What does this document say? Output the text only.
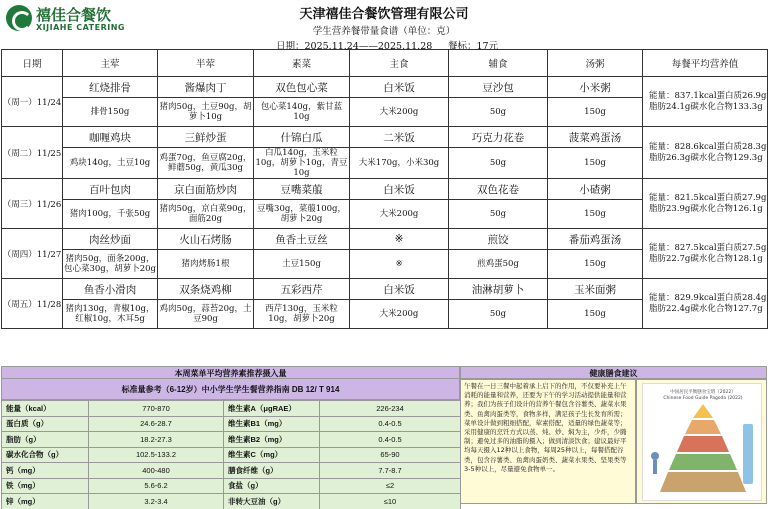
禧佳合餐饮
XIJIAHE CATERING
天津禧佳合餐饮管理有限公司
学生营养餐带量食谱（单位：克）
日期：2025.11.24——2025.11.28 餐标：17元
日期	主荤	半荤	素菜	主食	辅食	汤粥	每餐平均营养值
（周一）11/24	红烧排骨	酱爆肉丁	双色包心菜	白米饭	豆沙包	小米粥	能量：837.1kcal蛋白质26.9g脂肪24.1g碳水化合物133.3g
	排骨150g	猪肉50g，土豆90g，胡萝卜10g	包心菜140g，紫甘蓝10g	大米200g	50g	150g	
（周二）11/25	咖喱鸡块	三鲜炒蛋	什锦白瓜	二米饭	巧克力花卷	菠菜鸡蛋汤	能量：828.6kcal蛋白质28.3g脂肪26.3g碳水化合物129.3g
	鸡块140g，土豆10g	鸡蛋70g，鱼豆腐20g，鲜蘑50g，黄瓜30g	白瓜140g，玉米粒10g，胡萝卜10g，青豆10g	大米170g，小米30g	50g	150g	
（周三）11/26	百叶包肉	京白面筋炒肉	豆嘴菜菔	白米饭	双色花卷	小碴粥	能量：821.5kcal蛋白质27.9g脂肪23.9g碳水化合物126.1g
	猪肉100g，千张50g	猪肉50g，京白菜90g，面筋20g	豆嘴30g，菜菔100g，胡萝卜20g	大米200g	50g	150g	
（周四）11/27	肉丝炒面	火山石烤肠	鱼香土豆丝	※	煎饺	番茄鸡蛋汤	能量：827.5kcal蛋白质27.5g脂肪22.7g碳水化合物128.1g
	猪肉50g，面条200g，包心菜30g，胡萝卜20g	猪肉烤肠1根	土豆150g	※	煎鸡蛋50g	150g	
（周五）11/28	鱼香小滑肉	双条烧鸡柳	五彩西芹	白米饭	油淋胡萝卜	玉米面粥	能量：829.9kcal蛋白质28.4g脂肪22.4g碳水化合物127.7g
	猪肉130g，青椒10g，红椒10g，木耳5g	鸡肉50g，蒜苔20g，土豆90g	西芹130g，玉米粒10g，胡萝卜20g	大米200g	50g	150g	
本周菜单平均营养素推荐摄入量	健康膳食建议
标准量参考（6-12岁）中小学生学生餐营养指南 DB 12/ T 914
能量（kcal）	770-870	维生素A（μgRAE）	226-234
蛋白质（g）	24.6-28.7	维生素B1（mg）	0.4-0.5
脂肪（g）	18.2-27.3	维生素B2（mg）	0.4-0.5
碳水化合物（g）	102.5-133.2	维生素C（mg）	65-90
钙（mg）	400-480	膳食纤维（g）	7.7-8.7
铁（mg）	5.6-6.2	食盐（g）	≤2
锌（mg）	3.2-3.4	非转大豆油（g）	≤10
午餐在一日三餐中起着承上启下的作用，不仅要补充上午消耗的能量和营养，还要为下午的学习活动提供能量和营养；我们为孩子们设计的营养午餐包含谷薯类、蔬菜水果类、鱼禽肉蛋类等，食物多样，满足孩子生长发育所需；菜单设计做到粗细搭配，荤素搭配，适量的绿色蔬菜等；采用健康的烹饪方式以蒸、炖、炒、焖为主，少炸，少腌制；避免过多的油脂的摄入；做到清淡饮食；建议最好平均每天摄入12种以上食物，每周25种以上，每餐搭配谷类，包含谷薯类、鱼禽肉蛋奶类、蔬菜水果类、坚果类等3-5种以上，尽量避免食物单一。
中国居民平衡膳食宝塔（2022）
Chinese Food Guide Pagoda (2022)
